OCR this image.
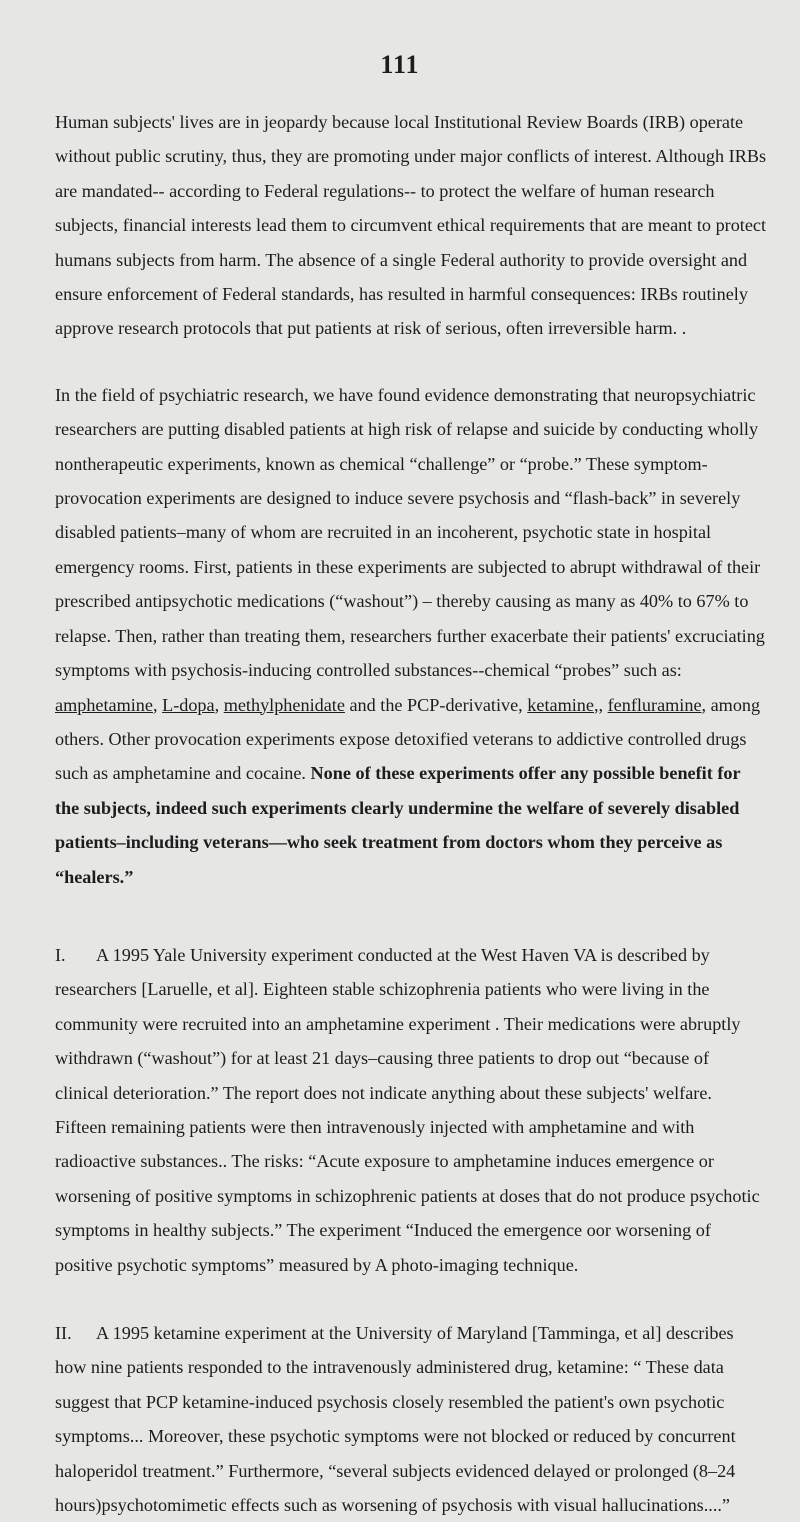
111

Human subjects' lives are in jeopardy because local Institutional Review Boards (IRB) operate without public scrutiny, thus, they are promoting under major conflicts of interest. Although IRBs are mandated-- according to Federal regulations-- to protect the welfare of human research subjects, financial interests lead them to circumvent ethical requirements that are meant to protect humans subjects from harm. The absence of a single Federal authority to provide oversight and ensure enforcement of Federal standards, has resulted in harmful consequences: IRBs routinely approve research protocols that put patients at risk of serious, often irreversible harm. .

In the field of psychiatric research, we have found evidence demonstrating that neuropsychiatric researchers are putting disabled patients at high risk of relapse and suicide by conducting wholly nontherapeutic experiments, known as chemical “challenge” or “probe.” These symptom-provocation experiments are designed to induce severe psychosis and “flash-back” in severely disabled patients–many of whom are recruited in an incoherent, psychotic state in hospital emergency rooms. First, patients in these experiments are subjected to abrupt withdrawal of their prescribed antipsychotic medications (“washout”) – thereby causing as many as 40% to 67% to relapse. Then, rather than treating them, researchers further exacerbate their patients' excruciating symptoms with psychosis-inducing controlled substances--chemical “probes” such as: amphetamine, L-dopa, methylphenidate and the PCP-derivative, ketamine,, fenfluramine, among others. Other provocation experiments expose detoxified veterans to addictive controlled drugs such as amphetamine and cocaine. None of these experiments offer any possible benefit for the subjects, indeed such experiments clearly undermine the welfare of severely disabled patients–including veterans—who seek treatment from doctors whom they perceive as “healers.”

I. A 1995 Yale University experiment conducted at the West Haven VA is described by researchers [Laruelle, et al]. Eighteen stable schizophrenia patients who were living in the community were recruited into an amphetamine experiment . Their medications were abruptly withdrawn (“washout”) for at least 21 days–causing three patients to drop out “because of clinical deterioration.” The report does not indicate anything about these subjects' welfare. Fifteen remaining patients were then intravenously injected with amphetamine and with radioactive substances.. The risks: “Acute exposure to amphetamine induces emergence or worsening of positive symptoms in schizophrenic patients at doses that do not produce psychotic symptoms in healthy subjects.” The experiment “Induced the emergence oor worsening of positive psychotic symptoms” measured by A photo-imaging technique.

II. A 1995 ketamine experiment at the University of Maryland [Tamminga, et al] describes how nine patients responded to the intravenously administered drug, ketamine: “ These data suggest that PCP ketamine-induced psychosis closely resembled the patient's own psychotic symptoms... Moreover, these psychotic symptoms were not blocked or reduced by concurrent haloperidol treatment.” Furthermore, “several subjects evidenced delayed or prolonged (8–24 hours)psychotomimetic effects such as worsening of psychosis with visual hallucinations....”
